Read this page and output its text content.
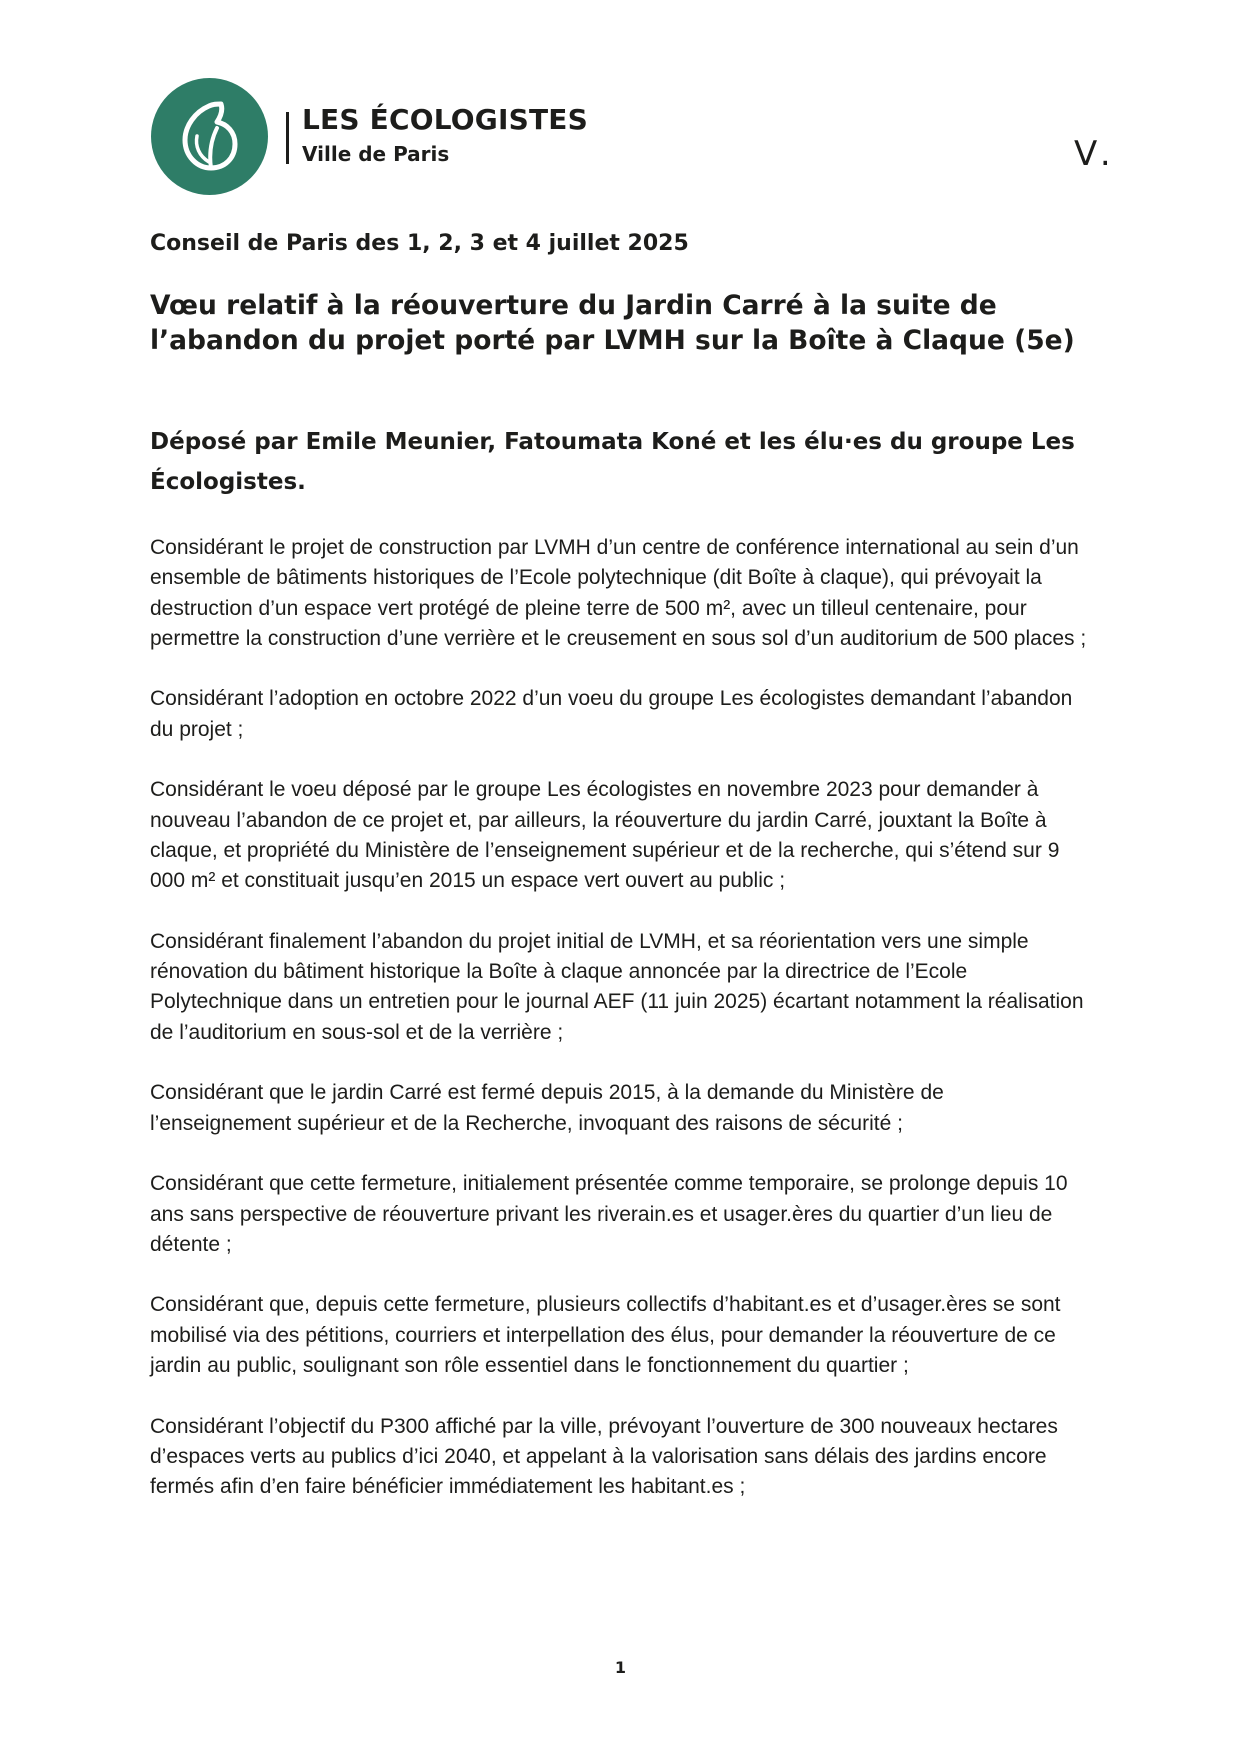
LES ÉCOLOGISTES
Ville de Paris	V.
Conseil de Paris des 1, 2, 3 et 4 juillet 2025
Vœu relatif à la réouverture du Jardin Carré à la suite de l’abandon du projet porté par LVMH sur la Boîte à Claque (5e)
Déposé par Emile Meunier, Fatoumata Koné et les élu·es du groupe Les Écologistes.

Considérant le projet de construction par LVMH d’un centre de conférence international au sein d’un ensemble de bâtiments historiques de l’Ecole polytechnique (dit Boîte à claque), qui prévoyait la destruction d’un espace vert protégé de pleine terre de 500 m², avec un tilleul centenaire, pour permettre la construction d’une verrière et le creusement en sous sol d’un auditorium de 500 places ;

Considérant l’adoption en octobre 2022 d’un voeu du groupe Les écologistes demandant l’abandon du projet ;

Considérant le voeu déposé par le groupe Les écologistes en novembre 2023 pour demander à nouveau l’abandon de ce projet et, par ailleurs, la réouverture du jardin Carré, jouxtant la Boîte à claque, et propriété du Ministère de l’enseignement supérieur et de la recherche, qui s’étend sur 9 000 m² et constituait jusqu’en 2015 un espace vert ouvert au public ;

Considérant finalement l’abandon du projet initial de LVMH, et sa réorientation vers une simple rénovation du bâtiment historique la Boîte à claque annoncée par la directrice de l’Ecole Polytechnique dans un entretien pour le journal AEF (11 juin 2025) écartant notamment la réalisation de l’auditorium en sous-sol et de la verrière ;

Considérant que le jardin Carré est fermé depuis 2015, à la demande du Ministère de l’enseignement supérieur et de la Recherche, invoquant des raisons de sécurité ;

Considérant que cette fermeture, initialement présentée comme temporaire, se prolonge depuis 10 ans sans perspective de réouverture privant les riverain.es et usager.ères du quartier d’un lieu de détente ;

Considérant que, depuis cette fermeture, plusieurs collectifs d’habitant.es et d’usager.ères se sont mobilisé via des pétitions, courriers et interpellation des élus, pour demander la réouverture de ce jardin au public, soulignant son rôle essentiel dans le fonctionnement du quartier ;

Considérant l’objectif du P300 affiché par la ville, prévoyant l’ouverture de 300 nouveaux hectares d’espaces verts au publics d’ici 2040, et appelant à la valorisation sans délais des jardins encore fermés afin d’en faire bénéficier immédiatement les habitant.es ;

1
